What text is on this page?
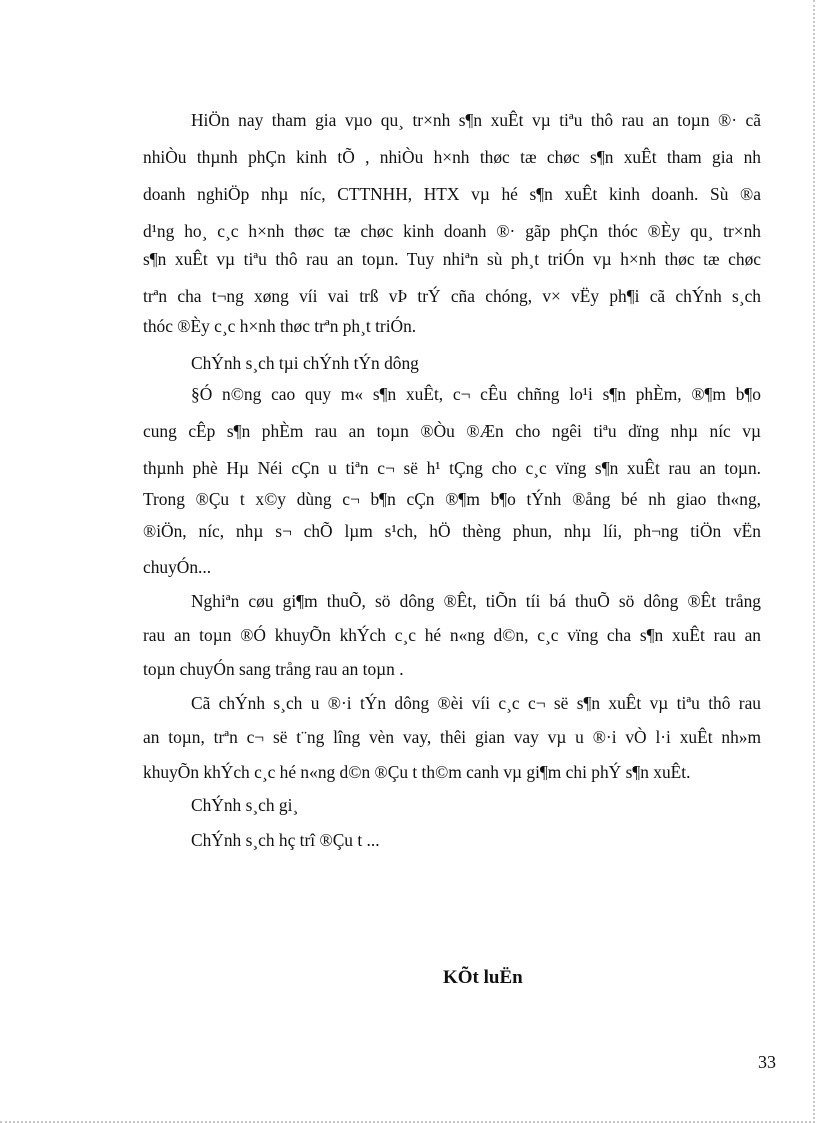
HiÖn nay tham gia vµo qu¸ tr×nh s¶n xuÊt vµ tiªu thô rau an toµn ®· cã
nhiÒu thµnh phÇn kinh tÕ , nhiÒu h×nh thøc tæ chøc s¶n xuÊt tham gia nh
doanh nghiÖp nhµ níc, CTTNHH, HTX vµ hé s¶n xuÊt kinh doanh. Sù ®a
d¹ng ho¸ c¸c h×nh thøc tæ chøc kinh doanh ®· gãp phÇn thóc ®Èy qu¸ tr×nh
s¶n xuÊt vµ tiªu thô rau an toµn. Tuy nhiªn sù ph¸t triÓn vµ h×nh thøc tæ chøc
trªn cha t¬ng xøng víi vai trß vÞ trÝ cña chóng, v× vËy ph¶i cã chÝnh s¸ch
thóc ®Èy c¸c h×nh thøc trªn ph¸t triÓn.
ChÝnh s¸ch tµi chÝnh tÝn dông
§Ó n©ng cao quy m« s¶n xuÊt, c¬ cÊu chñng lo¹i s¶n phÈm, ®¶m b¶o
cung cÊp s¶n phÈm rau an toµn ®Òu ®Æn cho ngêi tiªu dïng nhµ níc vµ
thµnh phè Hµ Néi cÇn u tiªn c¬ së h¹ tÇng cho c¸c vïng s¶n xuÊt rau an toµn.
Trong ®Çu t x©y dùng c¬ b¶n cÇn ®¶m b¶o tÝnh ®ång bé nh giao th«ng,
®iÖn, níc, nhµ s¬ chÕ lµm s¹ch, hÖ thèng phun, nhµ líi, ph¬ng tiÖn vËn
chuyÓn...
Nghiªn cøu gi¶m thuÕ, sö dông ®Êt, tiÕn tíi bá thuÕ sö dông ®Êt trång
rau an toµn ®Ó khuyÕn khÝch c¸c hé n«ng d©n, c¸c vïng cha s¶n xuÊt rau an
toµn chuyÓn sang trång rau an toµn .
Cã chÝnh s¸ch u ®·i tÝn dông ®èi víi c¸c c¬ së s¶n xuÊt vµ tiªu thô rau
an toµn, trªn c¬ së t¨ng lîng vèn vay, thêi gian vay vµ u ®·i vÒ l·i xuÊt nh»m
khuyÕn khÝch c¸c hé n«ng d©n ®Çu t th©m canh vµ gi¶m chi phÝ s¶n xuÊt.
ChÝnh s¸ch gi¸
ChÝnh s¸ch hç trî ®Çu t ...
KÕt luËn
33
